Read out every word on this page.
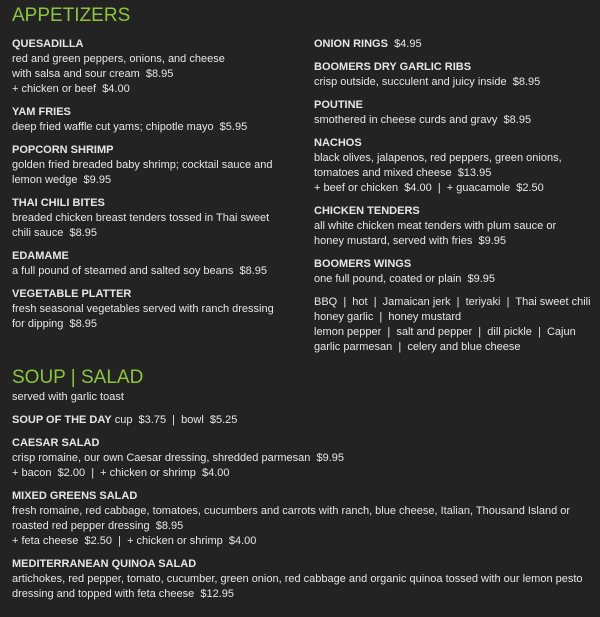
APPETIZERS
QUESADILLA
red and green peppers, onions, and cheese
with salsa and sour cream  $8.95
+ chicken or beef  $4.00
YAM FRIES
deep fried waffle cut yams; chipotle mayo  $5.95
POPCORN SHRIMP
golden fried breaded baby shrimp; cocktail sauce and
lemon wedge  $9.95
THAI CHILI BITES
breaded chicken breast tenders tossed in Thai sweet
chili sauce  $8.95
EDAMAME
a full pound of steamed and salted soy beans  $8.95
VEGETABLE PLATTER
fresh seasonal vegetables served with ranch dressing
for dipping  $8.95
ONION RINGS  $4.95
BOOMERS DRY GARLIC RIBS
crisp outside, succulent and juicy inside  $8.95
POUTINE
smothered in cheese curds and gravy  $8.95
NACHOS
black olives, jalapenos, red peppers, green onions,
tomatoes and mixed cheese  $13.95
+ beef or chicken  $4.00  |  + guacamole  $2.50
CHICKEN TENDERS
all white chicken meat tenders with plum sauce or
honey mustard, served with fries  $9.95
BOOMERS WINGS
one full pound, coated or plain  $9.95
BBQ  |  hot  |  Jamaican jerk  |  teriyaki  |  Thai sweet chili
honey garlic  |  honey mustard
lemon pepper  |  salt and pepper  |  dill pickle  |  Cajun
garlic parmesan  |  celery and blue cheese
SOUP | SALAD
served with garlic toast
SOUP OF THE DAY cup  $3.75  |  bowl  $5.25
CAESAR SALAD
crisp romaine, our own Caesar dressing, shredded parmesan  $9.95
+ bacon  $2.00  |  + chicken or shrimp  $4.00
MIXED GREENS SALAD
fresh romaine, red cabbage, tomatoes, cucumbers and carrots with ranch, blue cheese, Italian, Thousand Island or
roasted red pepper dressing  $8.95
+ feta cheese  $2.50  |  + chicken or shrimp  $4.00
MEDITERRANEAN QUINOA SALAD
artichokes, red pepper, tomato, cucumber, green onion, red cabbage and organic quinoa tossed with our lemon pesto
dressing and topped with feta cheese  $12.95
